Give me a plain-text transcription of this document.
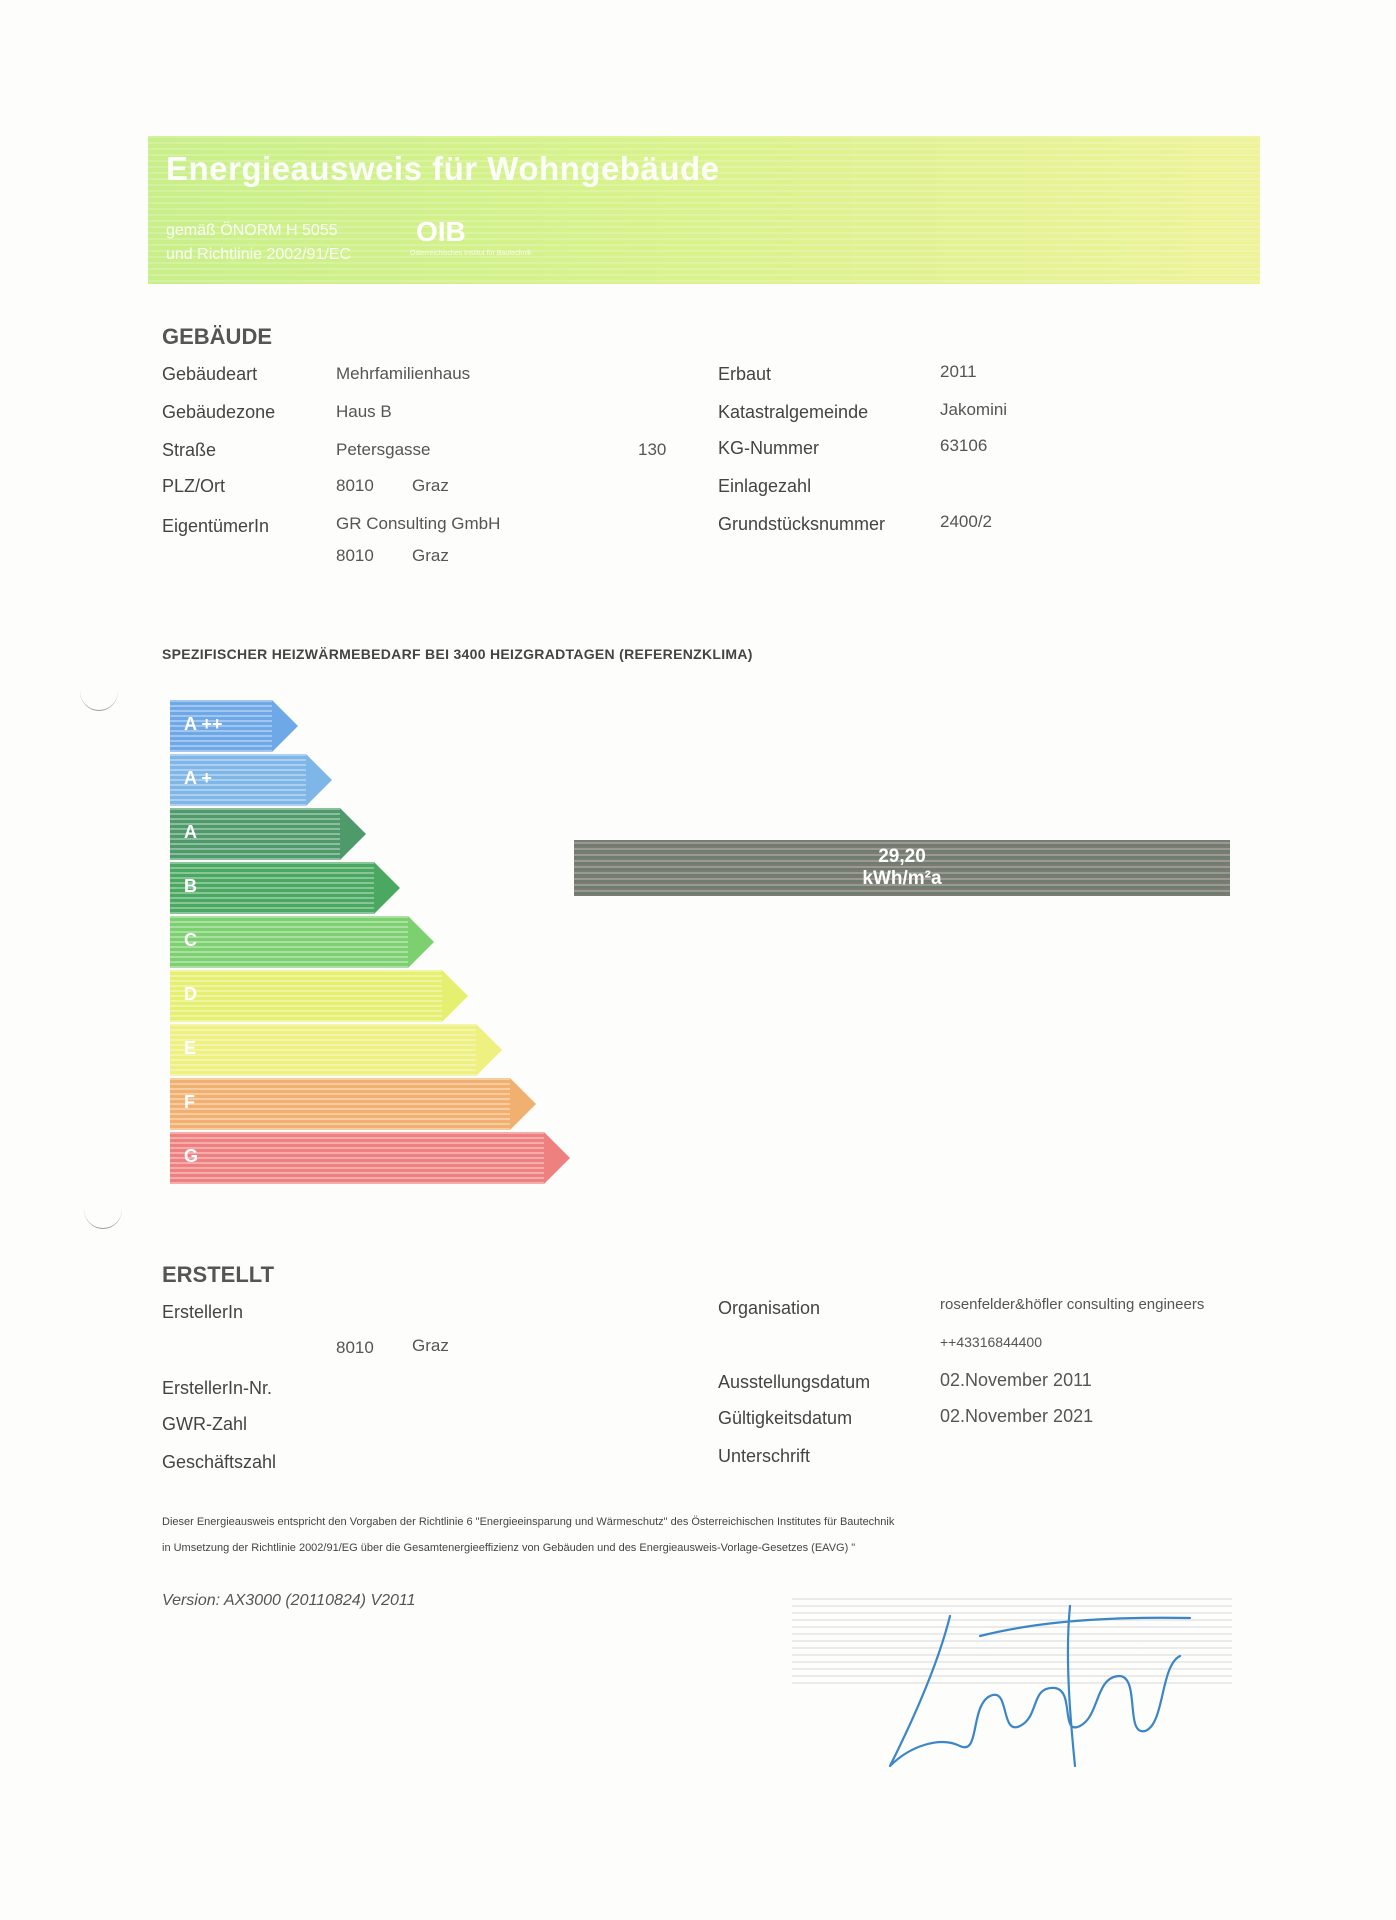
Energieausweis für Wohngebäude
gemäß ÖNORM H 5055
und Richtlinie 2002/91/EC
OIB
Österreichisches Institut für Bautechnik
GEBÄUDE
Gebäudeart	Mehrfamilienhaus
Gebäudezone	Haus B
Straße	Petersgasse	130
PLZ/Ort	8010 Graz
EigentümerIn	GR Consulting GmbH
8010 Graz
Erbaut	2011
Katastralgemeinde	Jakomini
KG-Nummer	63106
Einlagezahl
Grundstücksnummer	2400/2
SPEZIFISCHER HEIZWÄRMEBEDARF BEI 3400 HEIZGRADTAGEN (REFERENZKLIMA)
A ++
A +
A
B
C
D
E
F
G
29,20
kWh/m²a
ERSTELLT
ErstellerIn
8010 Graz
ErstellerIn-Nr.
GWR-Zahl
Geschäftszahl
Organisation	rosenfelder&höfler consulting engineers
++43316844400
Ausstellungsdatum	02.November 2011
Gültigkeitsdatum	02.November 2021
Unterschrift
Dieser Energieausweis entspricht den Vorgaben der Richtlinie 6 "Energieeinsparung und Wärmeschutz" des Österreichischen Institutes für Bautechnik
in Umsetzung der Richtlinie 2002/91/EG über die Gesamtenergieeffizienz von Gebäuden und des Energieausweis-Vorlage-Gesetzes (EAVG) "
Version: AX3000 (20110824) V2011
